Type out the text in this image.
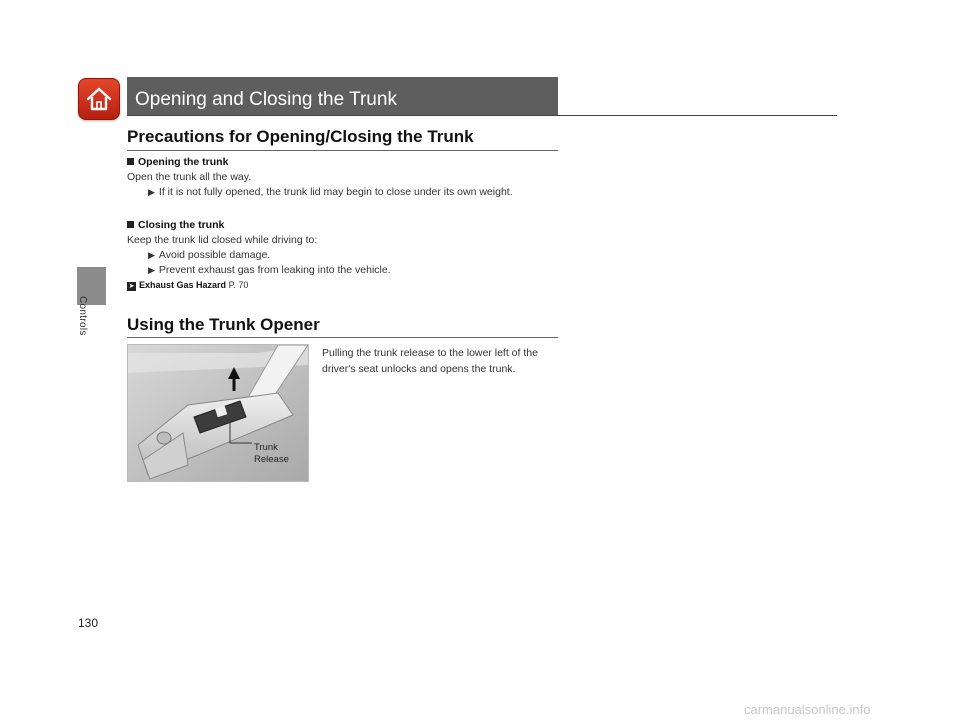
Controls
Opening and Closing the Trunk
Precautions for Opening/Closing the Trunk
Opening the trunk
Open the trunk all the way.
▶ If it is not fully opened, the trunk lid may begin to close under its own weight.
Closing the trunk
Keep the trunk lid closed while driving to:
▶ Avoid possible damage.
▶ Prevent exhaust gas from leaking into the vehicle.
➤ Exhaust Gas Hazard P. 70
Using the Trunk Opener
Trunk
Release
Pulling the trunk release to the lower left of the driver's seat unlocks and opens the trunk.
130
carmanualsonline.info
